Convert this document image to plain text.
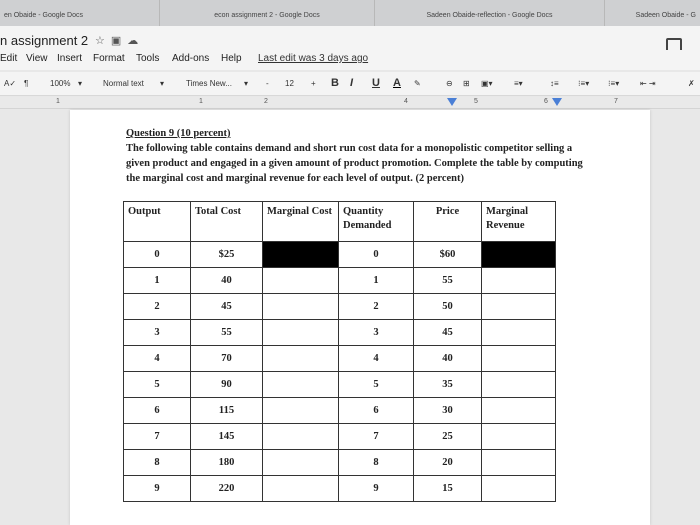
en Obaide - Google Docs	econ assignment 2 - Google Docs	Sadeen Obaide-reflection - Google Docs	Sadeen Obaide - G
n assignment 2 ☆▣☁
Edit View Insert Format Tools Add-ons Help Last edit was 3 days ago
A✓ ¶	100% ▾	Normal text ▾	Times New... ▾ - 12 + B I U A ✎	⊖ ⊞ ▣▾	≡▾	↕≡ ⁝≡▾ ⁝≡▾	⇤ ⇥	✗
1	1	2	4	5	6	7
Question 9 (10 percent)
The following table contains demand and short run cost data for a monopolistic competitor selling a given product and engaged in a given amount of product promotion. Complete the table by computing the marginal cost and marginal revenue for each level of output. (2 percent)
Output	Total Cost	Marginal Cost	Quantity Demanded	Price	Marginal Revenue
0	$25		0	$60	
1	40		1	55	
2	45		2	50	
3	55		3	45	
4	70		4	40	
5	90		5	35	
6	115		6	30	
7	145		7	25	
8	180		8	20	
9	220		9	15	
